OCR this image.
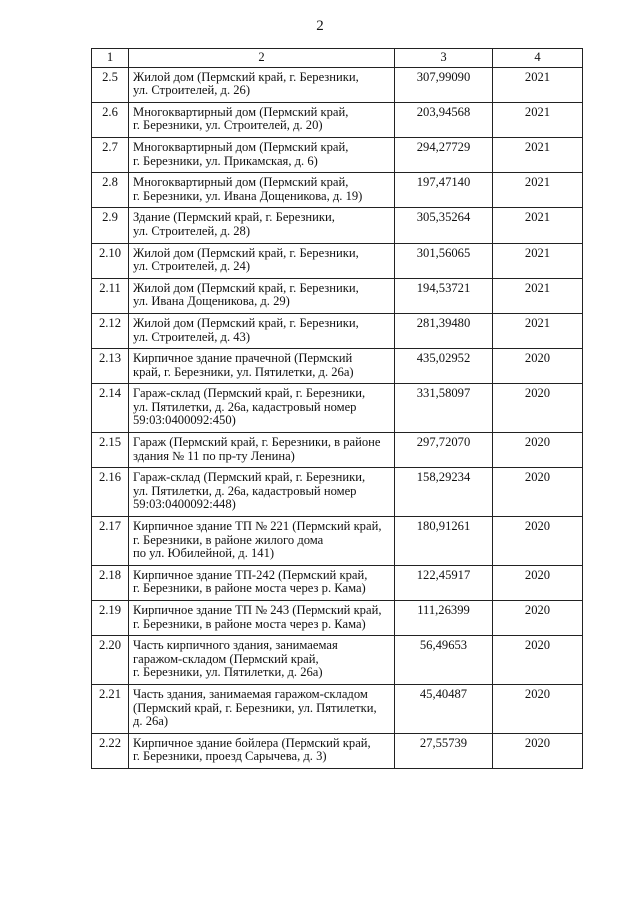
2
1	2	3	4
2.5	Жилой дом (Пермский край, г. Березники,
ул. Строителей, д. 26)	307,99090	2021
2.6	Многоквартирный дом (Пермский край,
г. Березники, ул. Строителей, д. 20)	203,94568	2021
2.7	Многоквартирный дом (Пермский край,
г. Березники, ул. Прикамская, д. 6)	294,27729	2021
2.8	Многоквартирный дом (Пермский край,
г. Березники, ул. Ивана Дощеникова, д. 19)	197,47140	2021
2.9	Здание (Пермский край, г. Березники,
ул. Строителей, д. 28)	305,35264	2021
2.10	Жилой дом (Пермский край, г. Березники,
ул. Строителей, д. 24)	301,56065	2021
2.11	Жилой дом (Пермский край, г. Березники,
ул. Ивана Дощеникова, д. 29)	194,53721	2021
2.12	Жилой дом (Пермский край, г. Березники,
ул. Строителей, д. 43)	281,39480	2021
2.13	Кирпичное здание прачечной (Пермский
край, г. Березники, ул. Пятилетки, д. 26а)	435,02952	2020
2.14	Гараж-склад (Пермский край, г. Березники,
ул. Пятилетки, д. 26а, кадастровый номер
59:03:0400092:450)	331,58097	2020
2.15	Гараж (Пермский край, г. Березники, в районе
здания № 11 по пр-ту Ленина)	297,72070	2020
2.16	Гараж-склад (Пермский край, г. Березники,
ул. Пятилетки, д. 26а, кадастровый номер
59:03:0400092:448)	158,29234	2020
2.17	Кирпичное здание ТП № 221 (Пермский край,
г. Березники, в районе жилого дома
по ул. Юбилейной, д. 141)	180,91261	2020
2.18	Кирпичное здание ТП-242 (Пермский край,
г. Березники, в районе моста через р. Кама)	122,45917	2020
2.19	Кирпичное здание ТП № 243 (Пермский край,
г. Березники, в районе моста через р. Кама)	111,26399	2020
2.20	Часть кирпичного здания, занимаемая
гаражом-складом (Пермский край,
г. Березники, ул. Пятилетки, д. 26а)	56,49653	2020
2.21	Часть здания, занимаемая гаражом-складом
(Пермский край, г. Березники, ул. Пятилетки,
д. 26а)	45,40487	2020
2.22	Кирпичное здание бойлера (Пермский край,
г. Березники, проезд Сарычева, д. 3)	27,55739	2020
